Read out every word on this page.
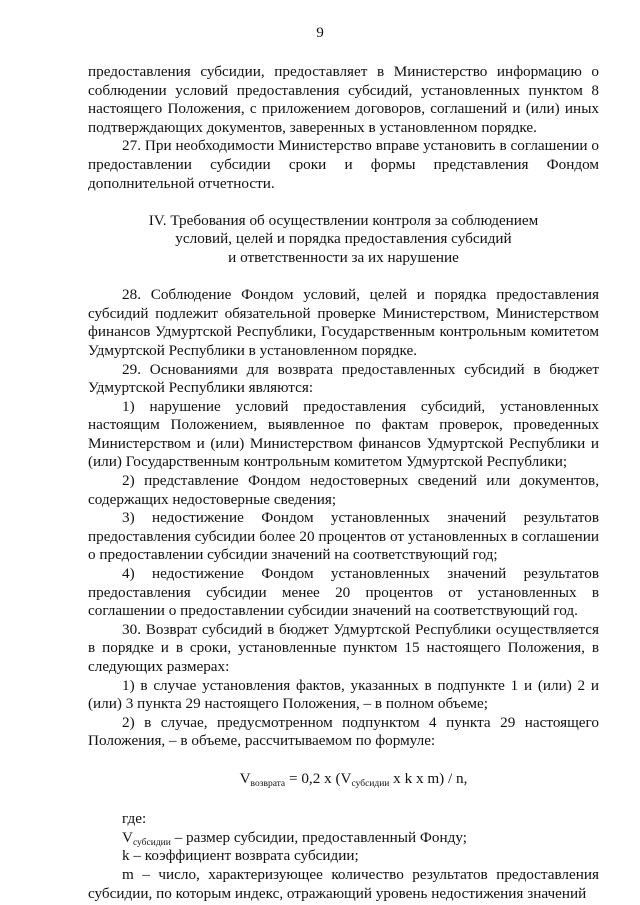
9

предоставления субсидии, предоставляет в Министерство информацию о соблюдении условий предоставления субсидий, установленных пунктом 8 настоящего Положения, с приложением договоров, соглашений и (или) иных подтверждающих документов, заверенных в установленном порядке.

27. При необходимости Министерство вправе установить в соглашении о предоставлении субсидии сроки и формы представления Фондом дополнительной отчетности.

IV. Требования об осуществлении контроля за соблюдением
условий, целей и порядка предоставления субсидий
и ответственности за их нарушение

28. Соблюдение Фондом условий, целей и порядка предоставления субсидий подлежит обязательной проверке Министерством, Министерством финансов Удмуртской Республики, Государственным контрольным комитетом Удмуртской Республики в установленном порядке.

29. Основаниями для возврата предоставленных субсидий в бюджет Удмуртской Республики являются:

1) нарушение условий предоставления субсидий, установленных настоящим Положением, выявленное по фактам проверок, проведенных Министерством и (или) Министерством финансов Удмуртской Республики и (или) Государственным контрольным комитетом Удмуртской Республики;

2) представление Фондом недостоверных сведений или документов, содержащих недостоверные сведения;

3) недостижение Фондом установленных значений результатов предоставления субсидии более 20 процентов от установленных в соглашении о предоставлении субсидии значений на соответствующий год;

4) недостижение Фондом установленных значений результатов предоставления субсидии менее 20 процентов от установленных в соглашении о предоставлении субсидии значений на соответствующий год.

30. Возврат субсидий в бюджет Удмуртской Республики осуществляется в порядке и в сроки, установленные пунктом 15 настоящего Положения, в следующих размерах:

1) в случае установления фактов, указанных в подпункте 1 и (или) 2 и (или) 3 пункта 29 настоящего Положения, – в полном объеме;

2) в случае, предусмотренном подпунктом 4 пункта 29 настоящего Положения, – в объеме, рассчитываемом по формуле:

$V_{возврата} = 0,2$ x ($V_{субсидии}$ x k x m) / n,

где:

$V_{субсидии}$ – размер субсидии, предоставленный Фонду;

k – коэффициент возврата субсидии;

m – число, характеризующее количество результатов предоставления субсидии, по которым индекс, отражающий уровень недостижения значений
